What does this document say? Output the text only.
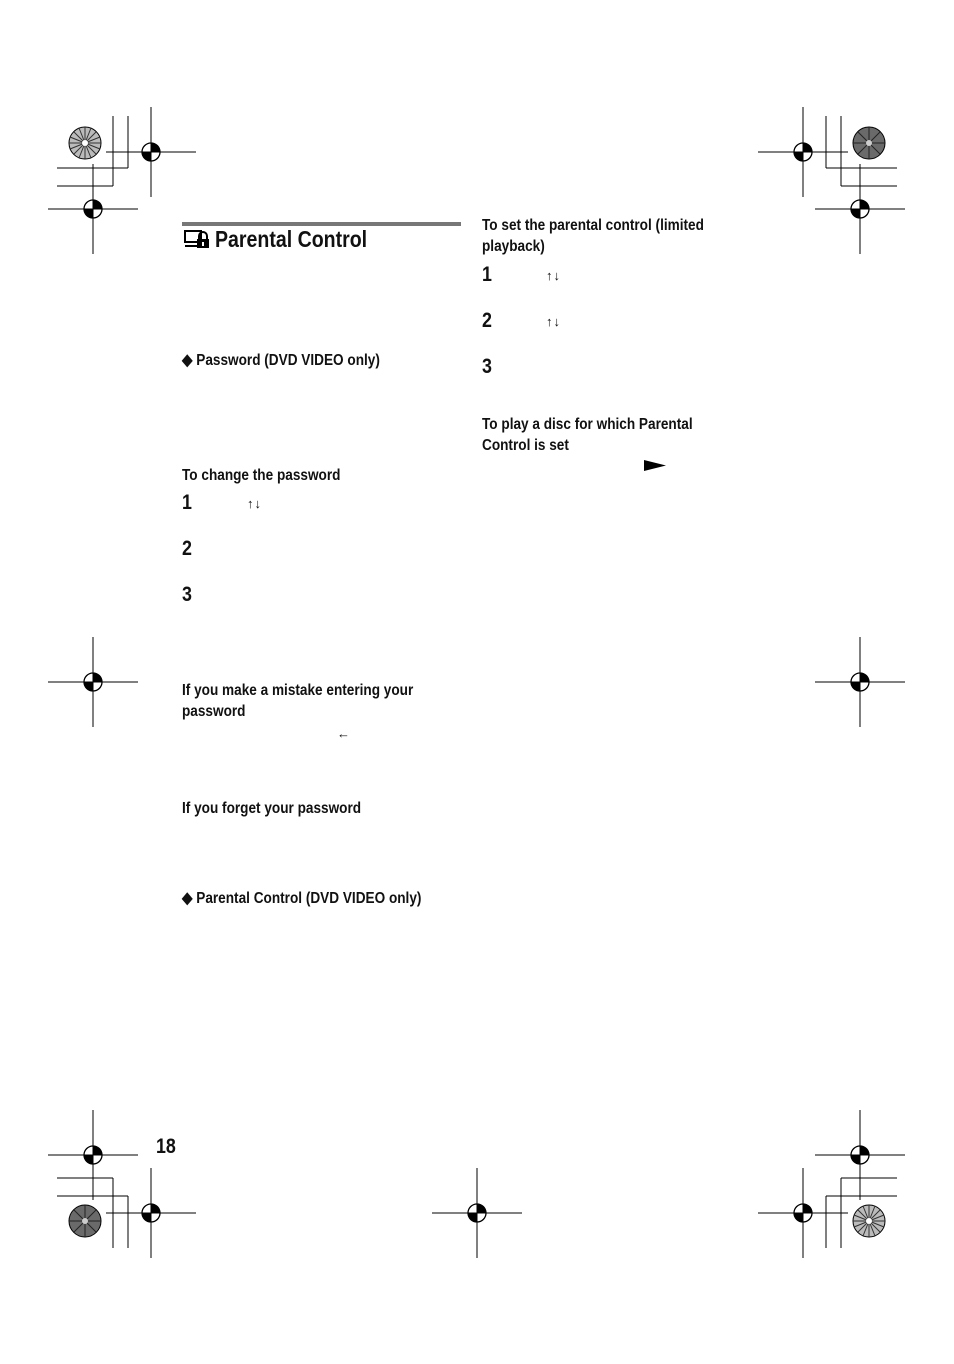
Parental Control
◆ Password (DVD VIDEO only)
To change the password
1	↑↓
2
3
If you make a mistake entering your
password
←
If you forget your password
◆ Parental Control (DVD VIDEO only)
To set the parental control (limited
playback)
1	↑↓
2	↑↓
3
To play a disc for which Parental
Control is set
18
